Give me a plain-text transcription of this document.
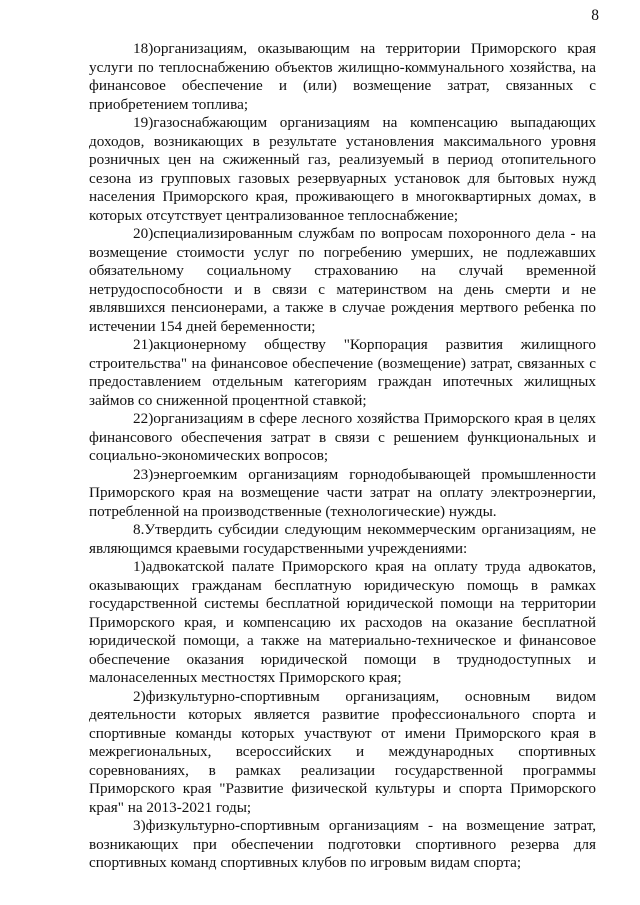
8

18)организациям, оказывающим на территории Приморского края услуги по теплоснабжению объектов жилищно-коммунального хозяйства, на финансовое обеспечение и (или) возмещение затрат, связанных с приобретением топлива;

19)газоснабжающим организациям на компенсацию выпадающих доходов, возникающих в результате установления максимального уровня розничных цен на сжиженный газ, реализуемый в период отопительного сезона из групповых газовых резервуарных установок для бытовых нужд населения Приморского края, проживающего в многоквартирных домах, в которых отсутствует централизованное теплоснабжение;

20)специализированным службам по вопросам похоронного дела - на возмещение стоимости услуг по погребению умерших, не подлежавших обязательному социальному страхованию на случай временной нетрудоспособности и в связи с материнством на день смерти и не являвшихся пенсионерами, а также в случае рождения мертвого ребенка по истечении 154 дней беременности;

21)акционерному обществу "Корпорация развития жилищного строительства" на финансовое обеспечение (возмещение) затрат, связанных с предоставлением отдельным категориям граждан ипотечных жилищных займов со сниженной процентной ставкой;

22)организациям в сфере лесного хозяйства Приморского края в целях финансового обеспечения затрат в связи с решением функциональных и социально-экономических вопросов;

23)энергоемким организациям горнодобывающей промышленности Приморского края на возмещение части затрат на оплату электроэнергии, потребленной на производственные (технологические) нужды.

8.Утвердить субсидии следующим некоммерческим организациям, не являющимся краевыми государственными учреждениями:

1)адвокатской палате Приморского края на оплату труда адвокатов, оказывающих гражданам бесплатную юридическую помощь в рамках государственной системы бесплатной юридической помощи на территории Приморского края, и компенсацию их расходов на оказание бесплатной юридической помощи, а также на материально-техническое и финансовое обеспечение оказания юридической помощи в труднодоступных и малонаселенных местностях Приморского края;

2)физкультурно-спортивным организациям, основным видом деятельности которых является развитие профессионального спорта и спортивные команды которых участвуют от имени Приморского края в межрегиональных, всероссийских и международных спортивных соревнованиях, в рамках реализации государственной программы Приморского края "Развитие физической культуры и спорта Приморского края" на 2013-2021 годы;

3)физкультурно-спортивным организациям - на возмещение затрат, возникающих при обеспечении подготовки спортивного резерва для спортивных команд спортивных клубов по игровым видам спорта;
